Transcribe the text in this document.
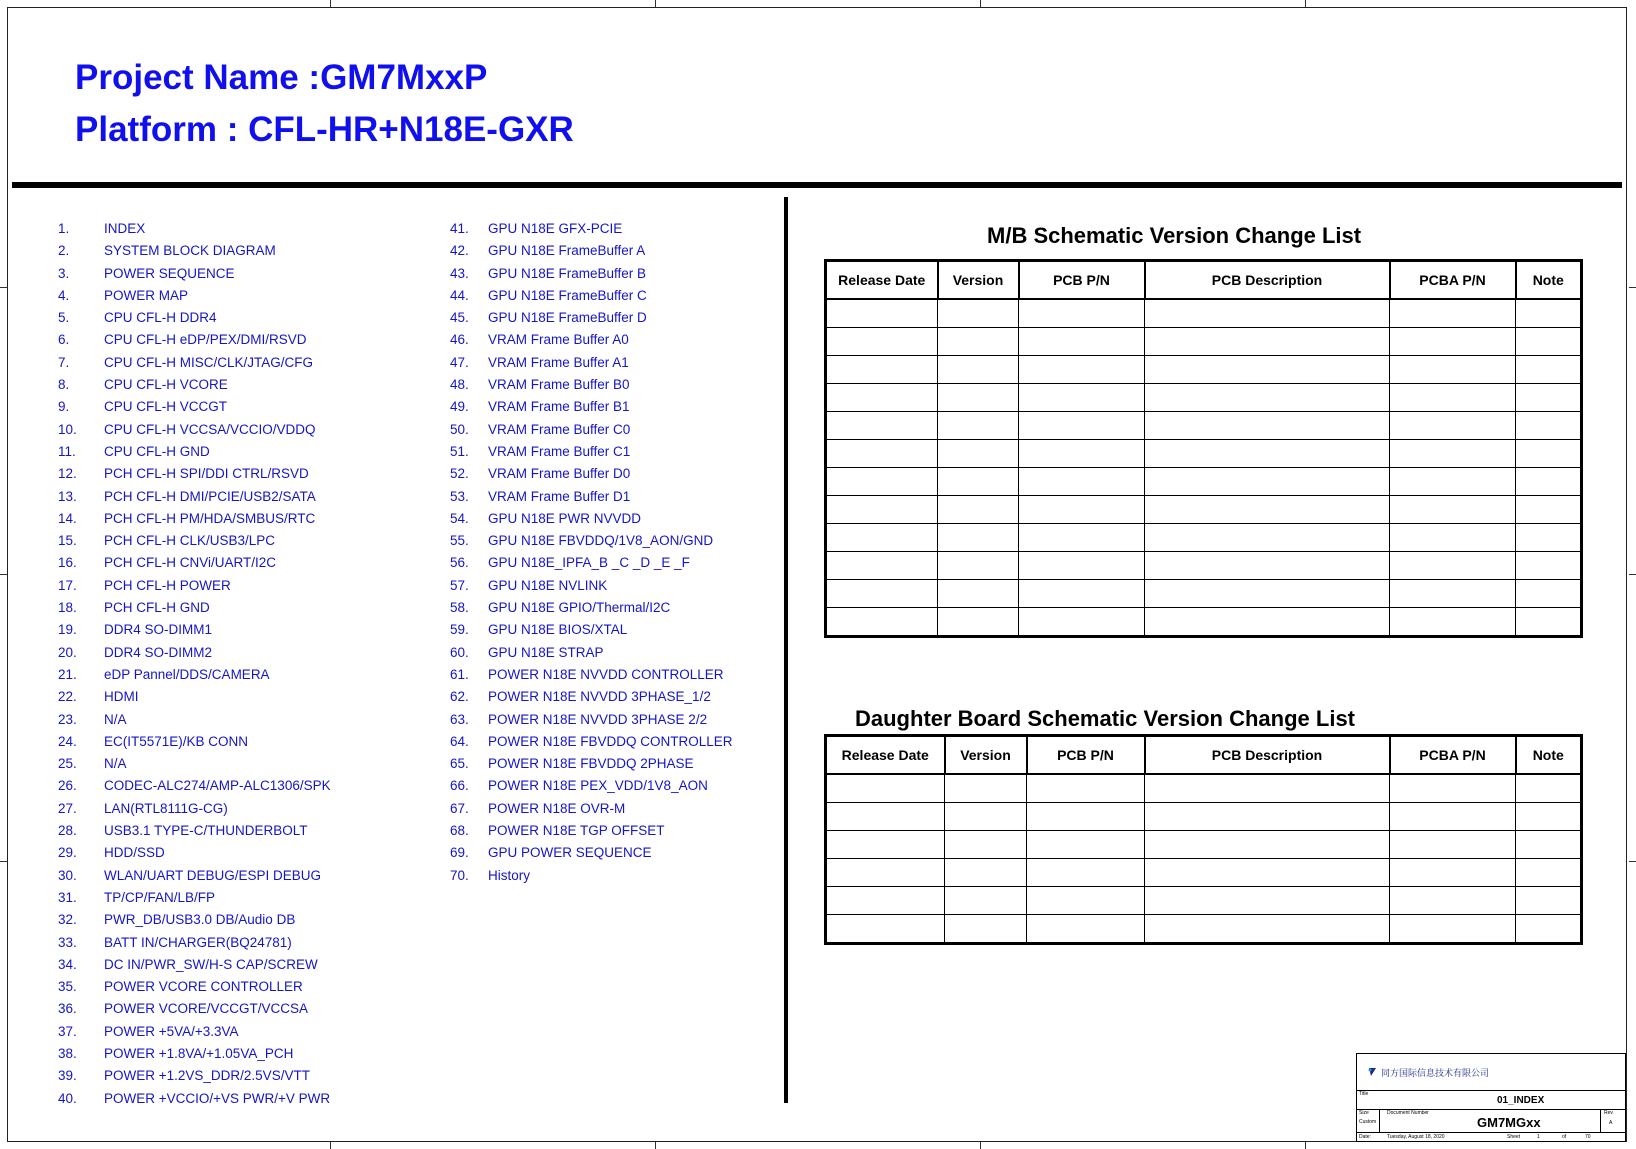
Project Name :GM7MxxP
Platform : CFL-HR+N18E-GXR
1.	INDEX
2.	SYSTEM BLOCK DIAGRAM
3.	POWER SEQUENCE
4.	POWER MAP
5.	CPU CFL-H DDR4
6.	CPU CFL-H eDP/PEX/DMI/RSVD
7.	CPU CFL-H MISC/CLK/JTAG/CFG
8.	CPU CFL-H VCORE
9.	CPU CFL-H VCCGT
10. CPU CFL-H VCCSA/VCCIO/VDDQ
11. CPU CFL-H GND
12. PCH CFL-H SPI/DDI CTRL/RSVD
13. PCH CFL-H DMI/PCIE/USB2/SATA
14. PCH CFL-H PM/HDA/SMBUS/RTC
15. PCH CFL-H CLK/USB3/LPC
16. PCH CFL-H CNVi/UART/I2C
17. PCH CFL-H POWER
18. PCH CFL-H GND
19. DDR4 SO-DIMM1
20. DDR4 SO-DIMM2
21. eDP Pannel/DDS/CAMERA
22. HDMI
23. N/A
24. EC(IT5571E)/KB CONN
25. N/A
26. CODEC-ALC274/AMP-ALC1306/SPK
27. LAN(RTL8111G-CG)
28. USB3.1 TYPE-C/THUNDERBOLT
29. HDD/SSD
30. WLAN/UART DEBUG/ESPI DEBUG
31. TP/CP/FAN/LB/FP
32. PWR_DB/USB3.0 DB/Audio DB
33. BATT IN/CHARGER(BQ24781)
34. DC IN/PWR_SW/H-S CAP/SCREW
35. POWER VCORE CONTROLLER
36. POWER VCORE/VCCGT/VCCSA
37. POWER +5VA/+3.3VA
38. POWER +1.8VA/+1.05VA_PCH
39. POWER +1.2VS_DDR/2.5VS/VTT
40. POWER +VCCIO/+VS PWR/+V PWR
41. GPU N18E GFX-PCIE
42. GPU N18E FrameBuffer A
43. GPU N18E FrameBuffer B
44. GPU N18E FrameBuffer C
45. GPU N18E FrameBuffer D
46. VRAM Frame Buffer A0
47. VRAM Frame Buffer A1
48. VRAM Frame Buffer B0
49. VRAM Frame Buffer B1
50. VRAM Frame Buffer C0
51. VRAM Frame Buffer C1
52. VRAM Frame Buffer D0
53. VRAM Frame Buffer D1
54. GPU N18E PWR NVVDD
55. GPU N18E FBVDDQ/1V8_AON/GND
56. GPU N18E_IPFA_B _C _D _E _F
57. GPU N18E NVLINK
58. GPU N18E GPIO/Thermal/I2C
59. GPU N18E BIOS/XTAL
60. GPU N18E STRAP
61. POWER N18E NVVDD CONTROLLER
62. POWER N18E NVVDD 3PHASE_1/2
63. POWER N18E NVVDD 3PHASE 2/2
64. POWER N18E FBVDDQ CONTROLLER
65. POWER N18E FBVDDQ 2PHASE
66. POWER N18E PEX_VDD/1V8_AON
67. POWER N18E OVR-M
68. POWER N18E TGP OFFSET
69. GPU POWER SEQUENCE
70. History
M/B Schematic Version Change List
Release Date	Version	PCB P/N	PCB Description	PCBA P/N	Note

Daughter Board Schematic Version Change List
Release Date	Version	PCB P/N	PCB Description	PCBA P/N	Note

同方国际信息技术有限公司
Title
01_INDEX
Size
Custom
Document Number
GM7MGxx
Rev
A
Date:	Tuesday, August 18, 2020	Sheet	1	of	70
